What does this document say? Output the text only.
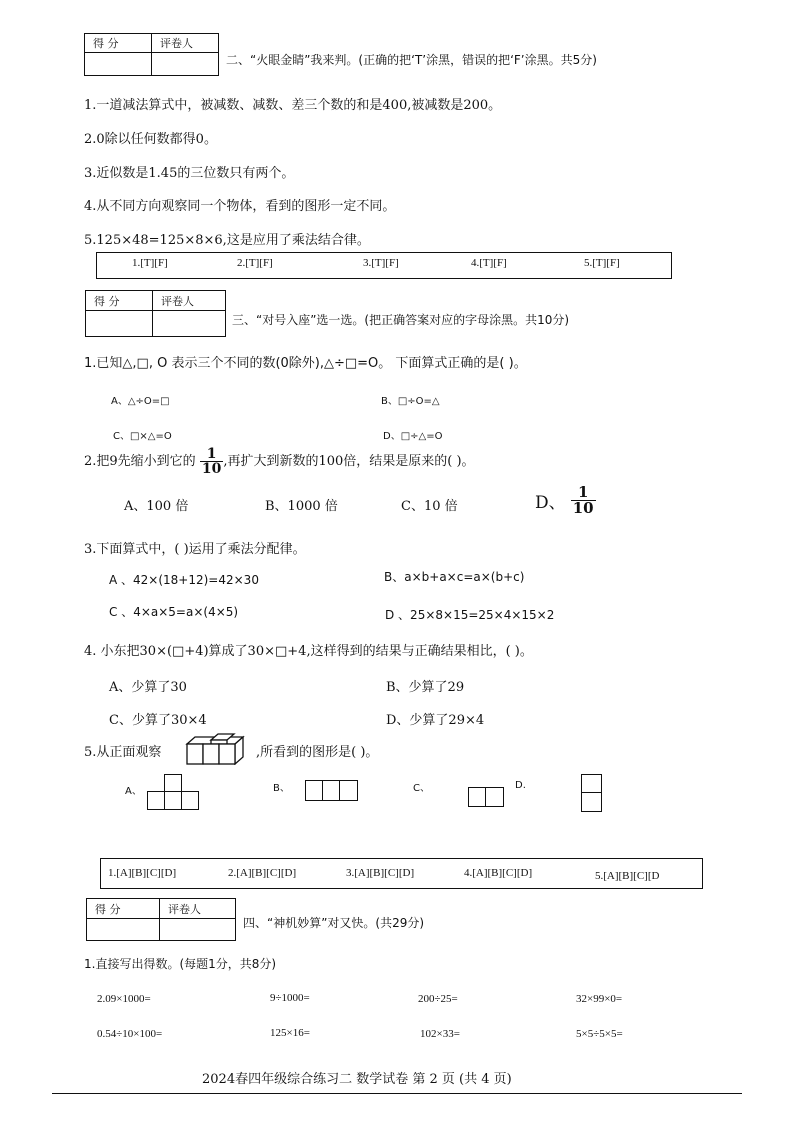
得 分	评卷人

二、“火眼金睛”我来判。(正确的把‘T’涂黑，错误的把‘F’涂黑。共5分)
1.一道减法算式中，被减数、减数、差三个数的和是400,被减数是200。
2.0除以任何数都得0。
3.近似数是1.45的三位数只有两个。
4.从不同方向观察同一个物体，看到的图形一定不同。
5.125×48=125×8×6,这是应用了乘法结合律。
1.[T][F]	2.[T][F]	3.[T][F]	4.[T][F]	5.[T][F]
得 分	评卷人

三、“对号入座”选一选。(把正确答案对应的字母涂黑。共10分)
1.已知△,□, O 表示三个不同的数(0除外),△÷□=O。 下面算式正确的是( )。
A、△÷O=□	B、□÷O=△
C、□×△=O	D、□÷△=O
2.把9先缩小到它的 $\frac{1}{10}$ ,再扩大到新数的100倍，结果是原来的( )。
A、100 倍	B、1000 倍	C、10 倍	D、 $\frac{1}{10}$
3.下面算式中，( )运用了乘法分配律。
A 、42×(18+12)=42×30	B、a×b+a×c=a×(b+c)
C 、4×a×5=a×(4×5)	D 、25×8×15=25×4×15×2
4. 小东把30×(□+4)算成了30×□+4,这样得到的结果与正确结果相比，( )。
A、少算了30	B、少算了29
C、少算了30×4	D、少算了29×4
5.从正面观察	,所看到的图形是( )。
A、	B、	C、	D.
1.[A][B][C][D]	2.[A][B][C][D]	3.[A][B][C][D]	4.[A][B][C][D]	5.[A][B][C][D
得 分	评卷人

四、“神机妙算”对又快。(共29分)
1.直接写出得数。(每题1分，共8分)
2.09×1000=	9÷1000=	200÷25=	32×99×0=
0.54÷10×100=	125×16=	102×33=	5×5÷5×5=
2024春四年级综合练习二 数学试卷 第 2 页 (共 4 页)
